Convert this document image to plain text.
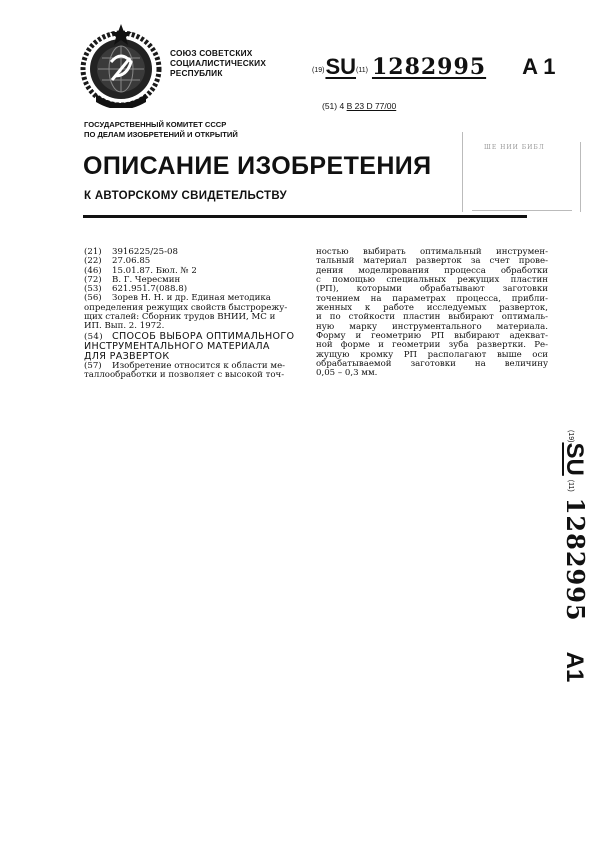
СОЮЗ СОВЕТСКИХ
СОЦИАЛИСТИЧЕСКИХ
РЕСПУБЛИК	(19)SU(11) 1282995 A 1
(51) 4 B 23 D 77/00
ГОСУДАРСТВЕННЫЙ КОМИТЕТ СССР
ПО ДЕЛАМ ИЗОБРЕТЕНИЙ И ОТКРЫТИЙ
ОПИСАНИЕ ИЗОБРЕТЕНИЯ
К АВТОРСКОМУ СВИДЕТЕЛЬСТВУ
ШЕ НИИ БИБЛ
(21)	3916225/25-08
(22)	27.06.85
(46)	15.01.87. Бюл. № 2
(72)	В. Г. Чересмин
(53)	621.951.7(088.8)
(56)	Зорев Н. Н. и др. Единая методика
определения режущих свойств быстрорежу-
щих сталей: Сборник трудов ВНИИ, МС и
ИП. Вып. 2. 1972.
(54) СПОСОБ ВЫБОРА ОПТИМАЛЬНОГО
ИНСТРУМЕНТАЛЬНОГО МАТЕРИАЛА
ДЛЯ РАЗВЕРТОК
(57)	Изобретение относится к области ме-
таллообработки и позволяет с высокой точ-
ностью выбирать оптимальный инструмен-
тальный материал разверток за счет прове-
дения моделирования процесса обработки
с помощью специальных режущих пластин
(РП), которыми обрабатывают заготовки
точением на параметрах процесса, прибли-
женных к работе исследуемых разверток,
и по стойкости пластин выбирают оптималь-
ную марку инструментального материала.
Форму и геометрию РП выбирают адекват-
ной форме и геометрии зуба развертки. Ре-
жущую кромку РП располагают выше оси
обрабатываемой заготовки на величину
0,05 – 0,3 мм.
(19)SU(11)1282995A1
